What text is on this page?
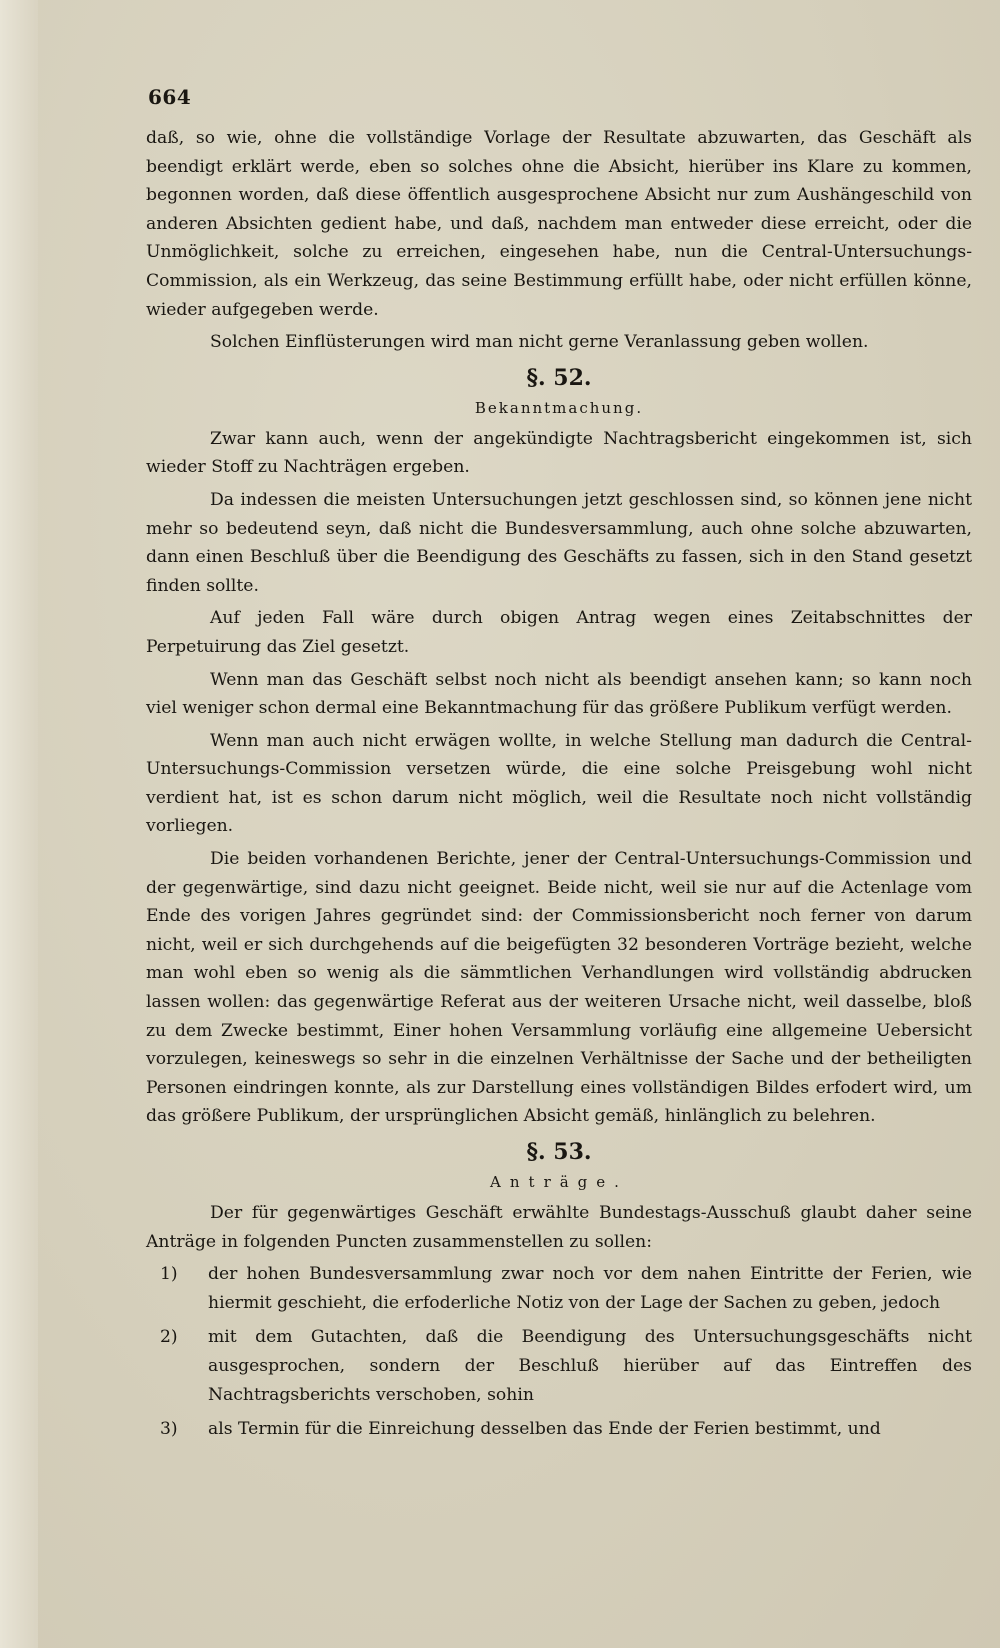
664

daß, so wie, ohne die vollständige Vorlage der Resultate abzuwarten, das Geschäft als beendigt erklärt werde, eben so solches ohne die Absicht, hierüber ins Klare zu kommen, begonnen worden, daß diese öffentlich ausgesprochene Absicht nur zum Aushängeschild von anderen Absichten gedient habe, und daß, nachdem man entweder diese erreicht, oder die Unmöglichkeit, solche zu erreichen, eingesehen habe, nun die Central-Untersuchungs-Commission, als ein Werkzeug, das seine Bestimmung erfüllt habe, oder nicht erfüllen könne, wieder aufgegeben werde.

Solchen Einflüsterungen wird man nicht gerne Veranlassung geben wollen.

§. 52.
Bekanntmachung.

Zwar kann auch, wenn der angekündigte Nachtragsbericht eingekommen ist, sich wieder Stoff zu Nachträgen ergeben.

Da indessen die meisten Untersuchungen jetzt geschlossen sind, so können jene nicht mehr so bedeutend seyn, daß nicht die Bundesversammlung, auch ohne solche abzuwarten, dann einen Beschluß über die Beendigung des Geschäfts zu fassen, sich in den Stand gesetzt finden sollte.

Auf jeden Fall wäre durch obigen Antrag wegen eines Zeitabschnittes der Perpetuirung das Ziel gesetzt.

Wenn man das Geschäft selbst noch nicht als beendigt ansehen kann; so kann noch viel weniger schon dermal eine Bekanntmachung für das größere Publikum verfügt werden.

Wenn man auch nicht erwägen wollte, in welche Stellung man dadurch die Central-Untersuchungs-Commission versetzen würde, die eine solche Preisgebung wohl nicht verdient hat, ist es schon darum nicht möglich, weil die Resultate noch nicht vollständig vorliegen.

Die beiden vorhandenen Berichte, jener der Central-Untersuchungs-Commission und der gegenwärtige, sind dazu nicht geeignet. Beide nicht, weil sie nur auf die Actenlage vom Ende des vorigen Jahres gegründet sind: der Commissionsbericht noch ferner von darum nicht, weil er sich durchgehends auf die beigefügten 32 besonderen Vorträge bezieht, welche man wohl eben so wenig als die sämmtlichen Verhandlungen wird vollständig abdrucken lassen wollen: das gegenwärtige Referat aus der weiteren Ursache nicht, weil dasselbe, bloß zu dem Zwecke bestimmt, Einer hohen Versammlung vorläufig eine allgemeine Uebersicht vorzulegen, keineswegs so sehr in die einzelnen Verhältnisse der Sache und der betheiligten Personen eindringen konnte, als zur Darstellung eines vollständigen Bildes erfodert wird, um das größere Publikum, der ursprünglichen Absicht gemäß, hinlänglich zu belehren.

§. 53.
Anträge.

Der für gegenwärtiges Geschäft erwählte Bundestags-Ausschuß glaubt daher seine Anträge in folgenden Puncten zusammenstellen zu sollen:

1) der hohen Bundesversammlung zwar noch vor dem nahen Eintritte der Ferien, wie hiermit geschieht, die erfoderliche Notiz von der Lage der Sachen zu geben, jedoch
2) mit dem Gutachten, daß die Beendigung des Untersuchungsgeschäfts nicht ausgesprochen, sondern der Beschluß hierüber auf das Eintreffen des Nachtragsberichts verschoben, sohin
3) als Termin für die Einreichung desselben das Ende der Ferien bestimmt, und
